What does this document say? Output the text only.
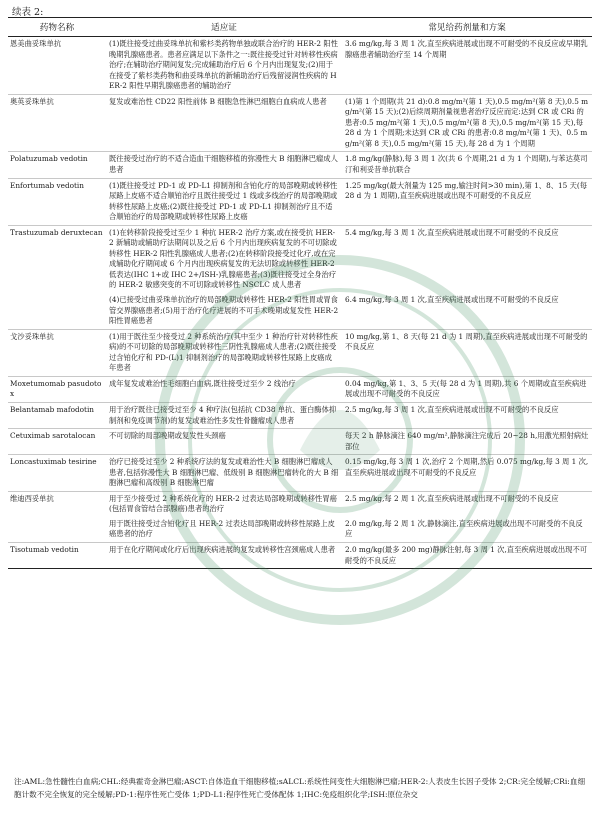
续表 2:
药物名称	适应证	常见给药剂量和方案
恩美曲妥珠单抗	(1)既往接受过曲妥珠单抗和紫杉类药物单独或联合治疗的 HER-2 阳性晚期乳腺癌患者。患者应满足以下条件之一:既往接受过针对转移性疾病治疗;在辅助治疗期间复发;完成辅助治疗后 6 个月内出现复发;(2)用于在接受了紫杉类药物和曲妥珠单抗的新辅助治疗后残留浸润性疾病的 HER-2 阳性早期乳腺癌患者的辅助治疗	3.6 mg/kg,每 3 周 1 次,直至疾病进展或出现不可耐受的不良反应或早期乳腺癌患者辅助治疗至 14 个周期
奥英妥珠单抗	复发或难治性 CD22 阳性前体 B 细胞急性淋巴细胞白血病成人患者	(1)第 1 个周期(共 21 d):0.8 mg/m²(第 1 天),0.5 mg/m²(第 8 天),0.5 mg/m²(第 15 天);(2)后续周期剂量视患者治疗反应而定:达到 CR 或 CRi 的患者:0.5 mg/m²(第 1 天),0.5 mg/m²(第 8 天),0.5 mg/m²(第 15 天),每 28 d 为 1 个周期;未达到 CR 或 CRi 的患者:0.8 mg/m²(第 1 天)、0.5 mg/m²(第 8 天),0.5 mg/m²(第 15 天),每 28 d 为 1 个周期
Polatuzumab vedotin	既往接受过治疗的不适合造血干细胞移植的弥漫性大 B 细胞淋巴瘤成人患者	1.8 mg/kg(静脉),每 3 周 1 次(共 6 个周期,21 d 为 1 个周期),与苯达莫司汀和利妥昔单抗联合
Enfortumab vedotin	(1)既往接受过 PD-1 或 PD-L1 抑制剂和含铂化疗的局部晚期或转移性尿路上皮癌不适合顺铂治疗且既往接受过 1 线或多线治疗的局部晚期或转移性尿路上皮癌;(2)既往接受过 PD-1 或 PD-L1 抑制剂治疗且不适合顺铂治疗的局部晚期或转移性尿路上皮癌	1.25 mg/kg(最大剂量为 125 mg,输注时间>30 min),第 1、8、15 天(每 28 d 为 1 周期),直至疾病进展或出现不可耐受的不良反应
Trastuzumab deruxtecan	(1)在转移阶段接受过至少 1 种抗 HER-2 治疗方案,或在接受抗 HER-2 新辅助或辅助疗法期间以及之后 6 个月内出现疾病复发的不可切除或转移性 HER-2 阳性乳腺癌成人患者;(2)在转移阶段接受过化疗,或在完成辅助化疗期间或 6 个月内出现疾病复发的无法切除或转移性 HER-2 低表达(IHC 1+或 IHC 2+/ISH-)乳腺癌患者;(3)既往接受过全身治疗的 HER-2 敏感突变的不可切除或转移性 NSCLC 成人患者	5.4 mg/kg,每 3 周 1 次,直至疾病进展或出现不可耐受的不良反应
	(4)已接受过曲妥珠单抗治疗的局部晚期或转移性 HER-2 阳性胃或胃食管交界腺癌患者;(5)用于治疗化疗进展的不可手术晚期或复发性 HER-2 阳性胃癌患者	6.4 mg/kg,每 3 周 1 次,直至疾病进展或出现不可耐受的不良反应
戈沙妥珠单抗	(1)用于既往至少接受过 2 种系统治疗(其中至少 1 种治疗针对转移性疾病)的不可切除的局部晚期或转移性三阴性乳腺癌成人患者;(2)既往接受过含铂化疗和 PD-(L)1 抑制剂治疗的局部晚期或转移性尿路上皮癌成年患者	10 mg/kg,第 1、8 天(每 21 d 为 1 周期),直至疾病进展或出现不可耐受的不良反应
Moxetumomab pasudotox	成年复发或难治性毛细胞白血病,既往接受过至少 2 线治疗	0.04 mg/kg,第 1、3、5 天(每 28 d 为 1 周期),共 6 个周期或直至疾病进展或出现不可耐受的不良反应
Belantamab mafodotin	用于治疗既往已接受过至少 4 种疗法(包括抗 CD38 单抗、蛋白酶体抑制剂和免疫调节剂)的复发或难治性多发性骨髓瘤成人患者	2.5 mg/kg,每 3 周 1 次,直至疾病进展或出现不可耐受的不良反应
Cetuximab sarotalocan	不可切除的局部晚期或复发性头颈癌	每天 2 h 静脉滴注 640 mg/m²,静脉滴注完成后 20~28 h,用激光照射病灶部位
Loncastuximab tesirine	治疗已接受过至少 2 种系统疗法的复发或难治性大 B 细胞淋巴瘤成人患者,包括弥漫性大 B 细胞淋巴瘤、低级别 B 细胞淋巴瘤转化的大 B 细胞淋巴瘤和高级别 B 细胞淋巴瘤	0.15 mg/kg,每 3 周 1 次,治疗 2 个周期,然后 0.075 mg/kg,每 3 周 1 次,直至疾病进展或出现不可耐受的不良反应
维迪西妥单抗	用于至少接受过 2 种系统化疗的 HER-2 过表达局部晚期或转移性胃癌(包括胃食管结合部腺癌)患者的治疗	2.5 mg/kg,每 2 周 1 次,直至疾病进展或出现不可耐受的不良反应
	用于既往接受过含铂化疗且 HER-2 过表达局部晚期或转移性尿路上皮癌患者的治疗	2.0 mg/kg,每 2 周 1 次,静脉滴注,直至疾病进展或出现不可耐受的不良反应
Tisotumab vedotin	用于在化疗期间或化疗后出现疾病进展的复发或转移性宫颈癌成人患者	2.0 mg/kg(最多 200 mg)静脉注射,每 3 周 1 次,直至疾病进展或出现不可耐受的不良反应
注:AML:急性髓性白血病;CHL:经典霍奇金淋巴瘤;ASCT:自体造血干细胞移植;sALCL:系统性间变性大细胞淋巴瘤;HER-2:人表皮生长因子受体 2;CR:完全缓解;CRi:血细胞计数不完全恢复的完全缓解;PD-1:程序性死亡受体 1;PD-L1:程序性死亡受体配体 1;IHC:免疫组织化学;ISH:原位杂交
